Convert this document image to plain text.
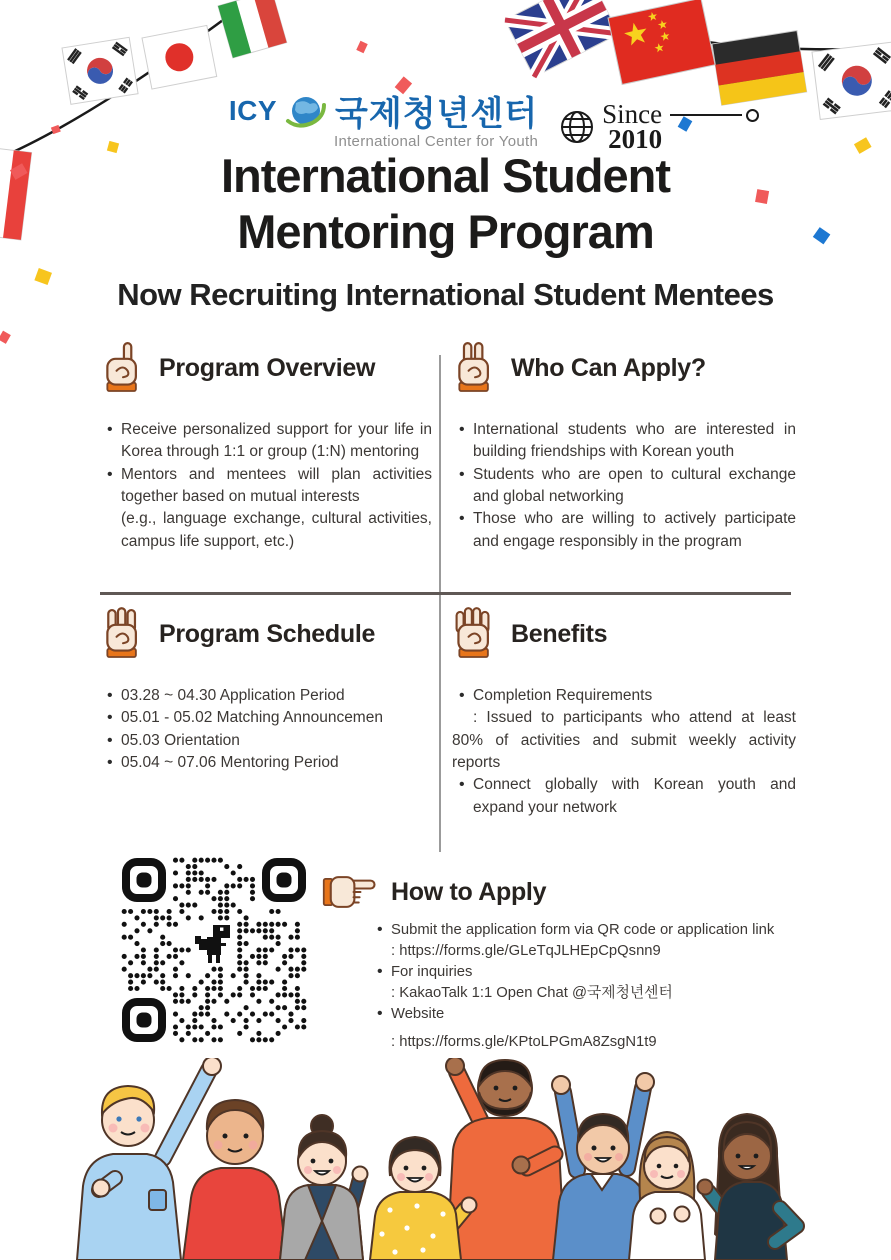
ICY 국제청년센터
International Center for Youth
Since
2010
International Student
Mentoring Program
Now Recruiting International Student Mentees
Program Overview
• Receive personalized support for your life in Korea through 1:1 or group (1:N) mentoring
• Mentors and mentees will plan activities together based on mutual interests
(e.g., language exchange, cultural activities, campus life support, etc.)
Who Can Apply?
• International students who are interested in building friendships with Korean youth
• Students who are open to cultural exchange and global networking
• Those who are willing to actively participate and engage responsibly in the program
Program Schedule
• 03.28 ~ 04.30 Application Period
• 05.01 - 05.02 Matching Announcemen
• 05.03 Orientation
• 05.04 ~ 07.06 Mentoring Period
Benefits
• Completion Requirements
: Issued to participants who attend at least 80% of activities and submit weekly activity reports
• Connect globally with Korean youth and expand your network
How to Apply
• Submit the application form via QR code or application link
: https://forms.gle/GLeTqJLHEpCpQsnn9
• For inquiries
: KakaoTalk 1:1 Open Chat @국제청년센터
• Website
: https://forms.gle/KPtoLPGmA8ZsgN1t9
